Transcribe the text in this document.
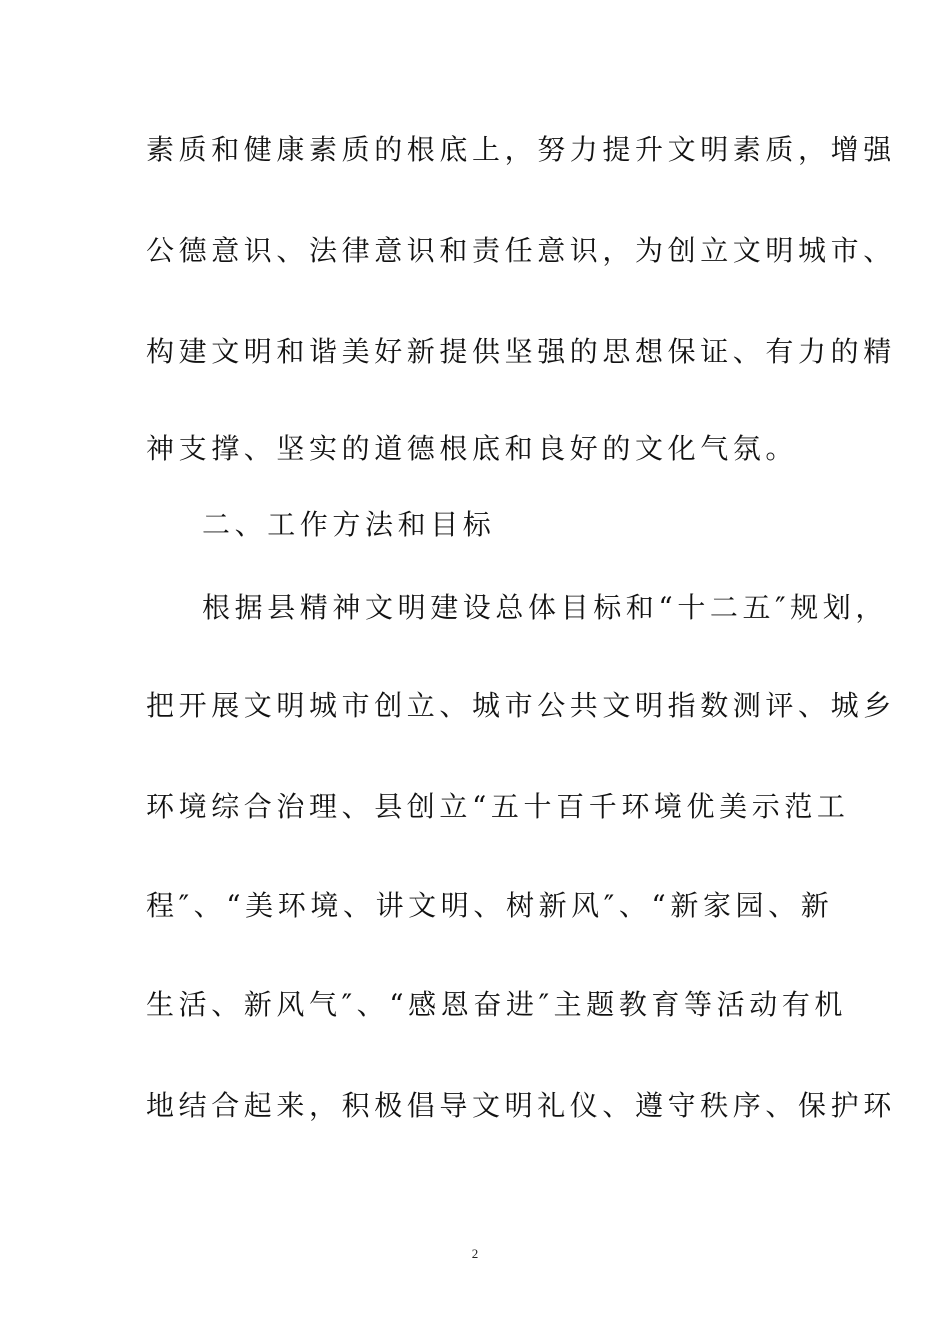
素质和健康素质的根底上，努力提升文明素质，增强
公德意识、法律意识和责任意识，为创立文明城市、
构建文明和谐美好新提供坚强的思想保证、有力的精
神支撑、坚实的道德根底和良好的文化气氛。
二、工作方法和目标
根据县精神文明建设总体目标和“十二五″规划，
把开展文明城市创立、城市公共文明指数测评、城乡
环境综合治理、县创立“五十百千环境优美示范工
程″、“美环境、讲文明、树新风″、“新家园、新
生活、新风气″、“感恩奋进″主题教育等活动有机
地结合起来，积极倡导文明礼仪、遵守秩序、保护环
2
